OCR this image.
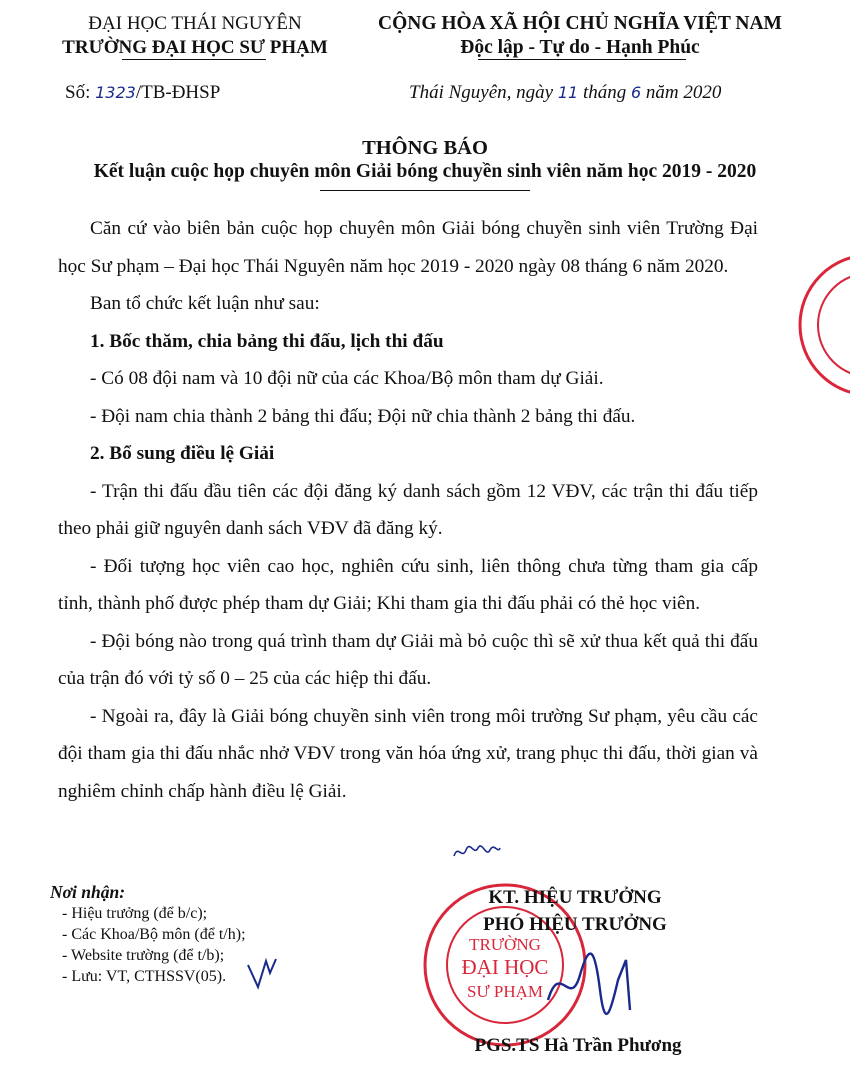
ĐẠI HỌC THÁI NGUYÊN
TRƯỜNG ĐẠI HỌC SƯ PHẠM
CỘNG HÒA XÃ HỘI CHỦ NGHĨA VIỆT NAM
Độc lập - Tự do - Hạnh Phúc
Số: 1323/TB-ĐHSP	Thái Nguyên, ngày 11 tháng 6 năm 2020
THÔNG BÁO
Kết luận cuộc họp chuyên môn Giải bóng chuyền sinh viên năm học 2019 - 2020

Căn cứ vào biên bản cuộc họp chuyên môn Giải bóng chuyền sinh viên Trường Đại học Sư phạm – Đại học Thái Nguyên năm học 2019 - 2020 ngày 08 tháng 6 năm 2020.

Ban tổ chức kết luận như sau:

1. Bốc thăm, chia bảng thi đấu, lịch thi đấu

- Có 08 đội nam và 10 đội nữ của các Khoa/Bộ môn tham dự Giải.

- Đội nam chia thành 2 bảng thi đấu; Đội nữ chia thành 2 bảng thi đấu.

2. Bổ sung điều lệ Giải

- Trận thi đấu đầu tiên các đội đăng ký danh sách gồm 12 VĐV, các trận thi đấu tiếp theo phải giữ nguyên danh sách VĐV đã đăng ký.

- Đối tượng học viên cao học, nghiên cứu sinh, liên thông chưa từng tham gia cấp tỉnh, thành phố được phép tham dự Giải; Khi tham gia thi đấu phải có thẻ học viên.

- Đội bóng nào trong quá trình tham dự Giải mà bỏ cuộc thì sẽ xử thua kết quả thi đấu của trận đó với tỷ số 0 – 25 của các hiệp thi đấu.

- Ngoài ra, đây là Giải bóng chuyền sinh viên trong môi trường Sư phạm, yêu cầu các đội tham gia thi đấu nhắc nhở VĐV trong văn hóa ứng xử, trang phục thi đấu, thời gian và nghiêm chỉnh chấp hành điều lệ Giải.

Nơi nhận:
- Hiệu trưởng (để b/c);
- Các Khoa/Bộ môn (để t/h);
- Website trường (để t/b);
- Lưu: VT, CTHSSV(05).
TRƯỜNG
ĐẠI HỌC
SƯ PHẠM
KT. HIỆU TRƯỞNG
PHÓ HIỆU TRƯỞNG
PGS.TS Hà Trần Phương
